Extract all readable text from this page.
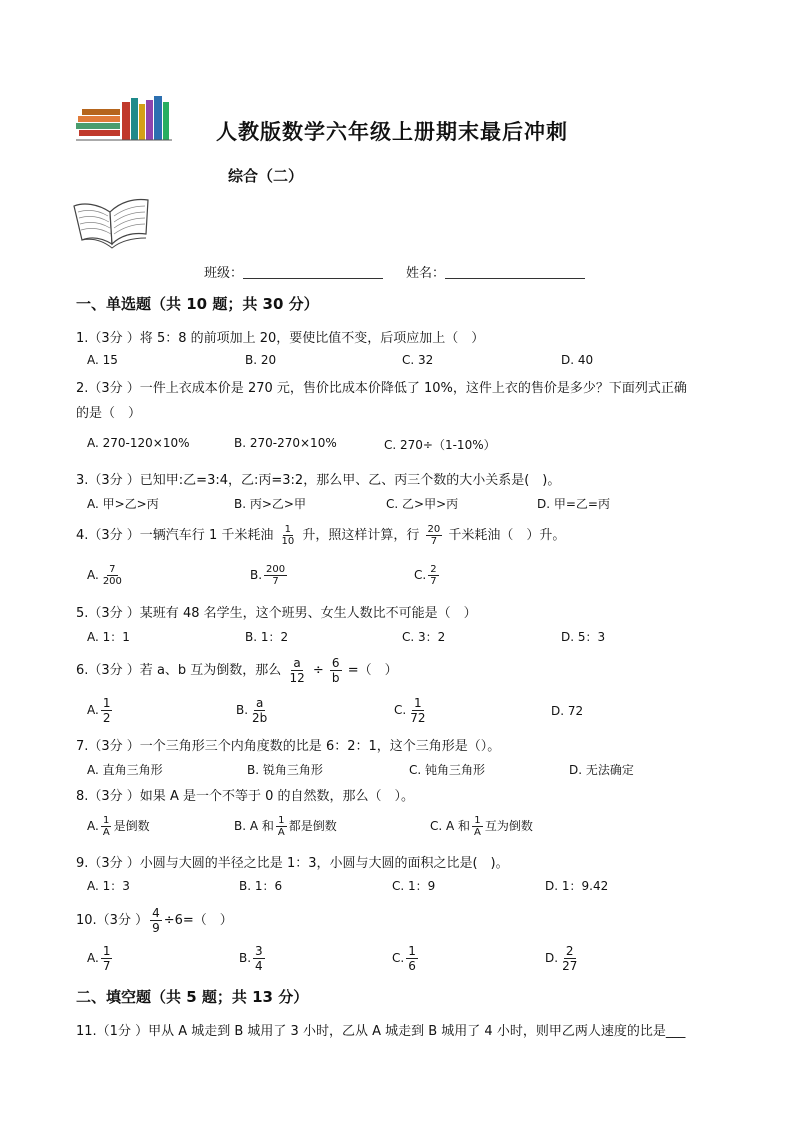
人教版数学六年级上册期末最后冲刺
综合（二）
班级：	姓名：
一、单选题（共 10 题；共 30 分）
1.（3分 ）将 5：8 的前项加上 20，要使比值不变，后项应加上（　）
A. 15	B. 20	C. 32	D. 40
2.（3分 ）一件上衣成本价是 270 元，售价比成本价降低了 10%，这件上衣的售价是多少？下面列式正确
的是（　）
A. 270-120×10%	B. 270-270×10%	C. 270÷（1-10%）
3.（3分 ）已知甲:乙=3:4，乙:丙=3:2，那么甲、乙、丙三个数的大小关系是(　)。
A. 甲>乙>丙	B. 丙>乙>甲	C. 乙>甲>丙	D. 甲=乙=丙
4.（3分 ）一辆汽车行 1 千米耗油 $\frac{1}{10}$ 升，照这样计算，行 $\frac{20}{7}$ 千米耗油（　）升。
A. $\frac{7}{200}$	B. $\frac{200}{7}$	C. $\frac{2}{7}$
5.（3分 ）某班有 48 名学生，这个班男、女生人数比不可能是（　）
A. 1：1	B. 1：2	C. 3：2	D. 5：3
6.（3分 ）若 a、b 互为倒数，那么 $\frac{a}{12} \div \frac{6}{b}$ =（　）
A. $\frac{1}{2}$	B. $\frac{a}{2b}$	C. $\frac{1}{72}$	D. 72
7.（3分 ）一个三角形三个内角度数的比是 6：2：1，这个三角形是（）。
A. 直角三角形	B. 锐角三角形	C. 钝角三角形	D. 无法确定
8.（3分 ）如果 A 是一个不等于 0 的自然数，那么（　）。
A. $\frac{1}{A}$ 是倒数	B. A 和 $\frac{1}{A}$ 都是倒数	C. A 和 $\frac{1}{A}$ 互为倒数
9.（3分 ）小圆与大圆的半径之比是 1：3，小圆与大圆的面积之比是(　)。
A. 1：3	B. 1：6	C. 1：9	D. 1：9.42
10.（3分 ） $\frac{4}{9} \div 6=$（　）
A. $\frac{1}{7}$	B. $\frac{3}{4}$	C. $\frac{1}{6}$	D. $\frac{2}{27}$
二、填空题（共 5 题；共 13 分）
11.（1分 ）甲从 A 城走到 B 城用了 3 小时，乙从 A 城走到 B 城用了 4 小时，则甲乙两人速度的比是___
